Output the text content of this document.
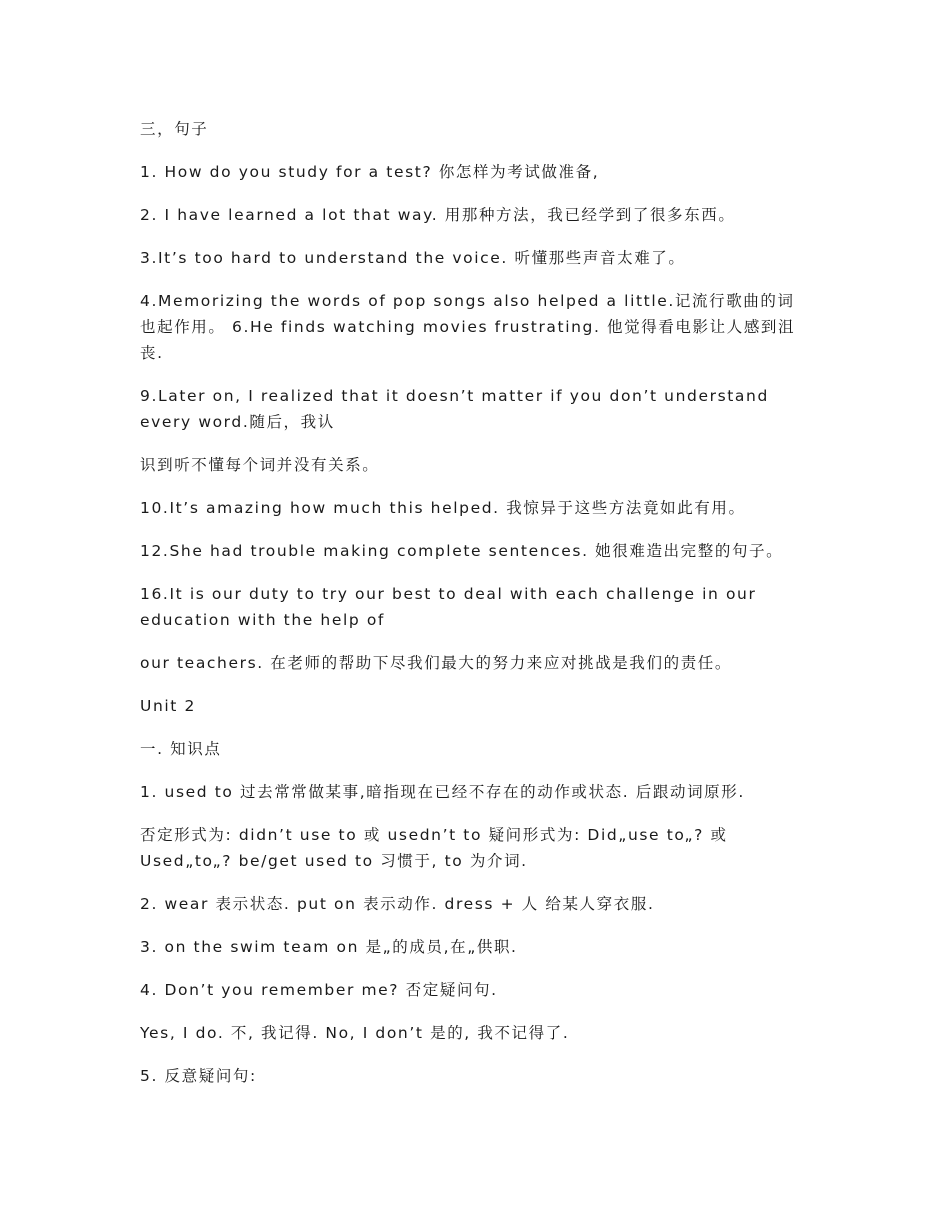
三，句子

1. How do you study for a test? 你怎样为考试做准备,

2. I have learned a lot that way. 用那种方法，我已经学到了很多东西。

3.It’s too hard to understand the voice. 听懂那些声音太难了。

4.Memorizing the words of pop songs also helped a little.记流行歌曲的词
也起作用。 6.He finds watching movies frustrating. 他觉得看电影让人感到沮
丧.

9.Later on, I realized that it doesn’t matter if you don’t understand
every word.随后，我认

识到听不懂每个词并没有关系。

10.It’s amazing how much this helped. 我惊异于这些方法竟如此有用。

12.She had trouble making complete sentences. 她很难造出完整的句子。

16.It is our duty to try our best to deal with each challenge in our
education with the help of

our teachers. 在老师的帮助下尽我们最大的努力来应对挑战是我们的责任。

Unit 2

一. 知识点

1. used to 过去常常做某事,暗指现在已经不存在的动作或状态. 后跟动词原形.

否定形式为: didn’t use to 或 usedn’t to 疑问形式为: Did„use to„? 或
Used„to„? be/get used to 习惯于, to 为介词.

2. wear 表示状态. put on 表示动作. dress + 人 给某人穿衣服.

3. on the swim team on 是„的成员,在„供职.

4. Don’t you remember me? 否定疑问句.

Yes, I do. 不, 我记得. No, I don’t 是的, 我不记得了.

5. 反意疑问句:
